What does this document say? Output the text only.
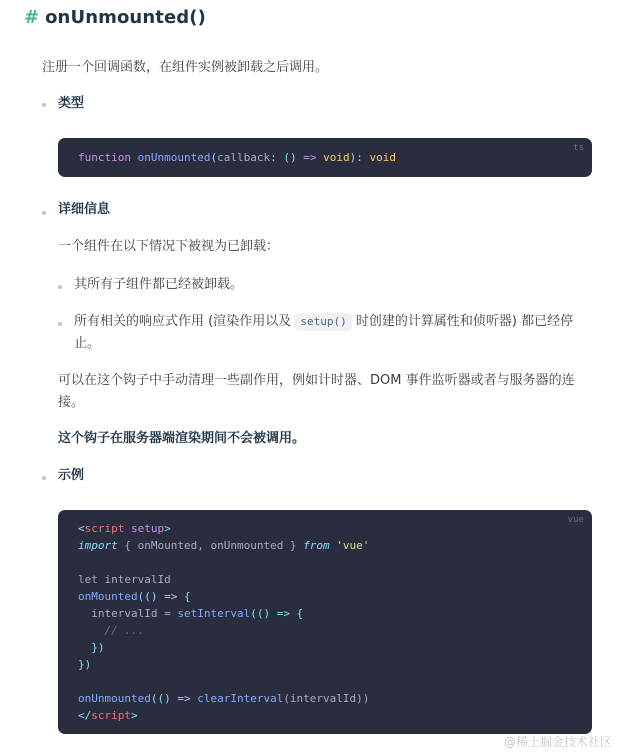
# onUnmounted()
注册一个回调函数，在组件实例被卸载之后调用。
类型
ts
function onUnmounted(callback: () => void): void
详细信息
一个组件在以下情况下被视为已卸载：
其所有子组件都已经被卸载。
所有相关的响应式作用 (渲染作用以及 setup() 时创建的计算属性和侦听器) 都已经停
止。
可以在这个钩子中手动清理一些副作用，例如计时器、DOM 事件监听器或者与服务器的连
接。
这个钩子在服务器端渲染期间不会被调用。
示例
vue
<script setup>
import { onMounted, onUnmounted } from 'vue'
let intervalId
onMounted(() => {
intervalId = setInterval(() => {
// ...
})
})
onUnmounted(() => clearInterval(intervalId))
</script>
@稀土掘金技术社区
